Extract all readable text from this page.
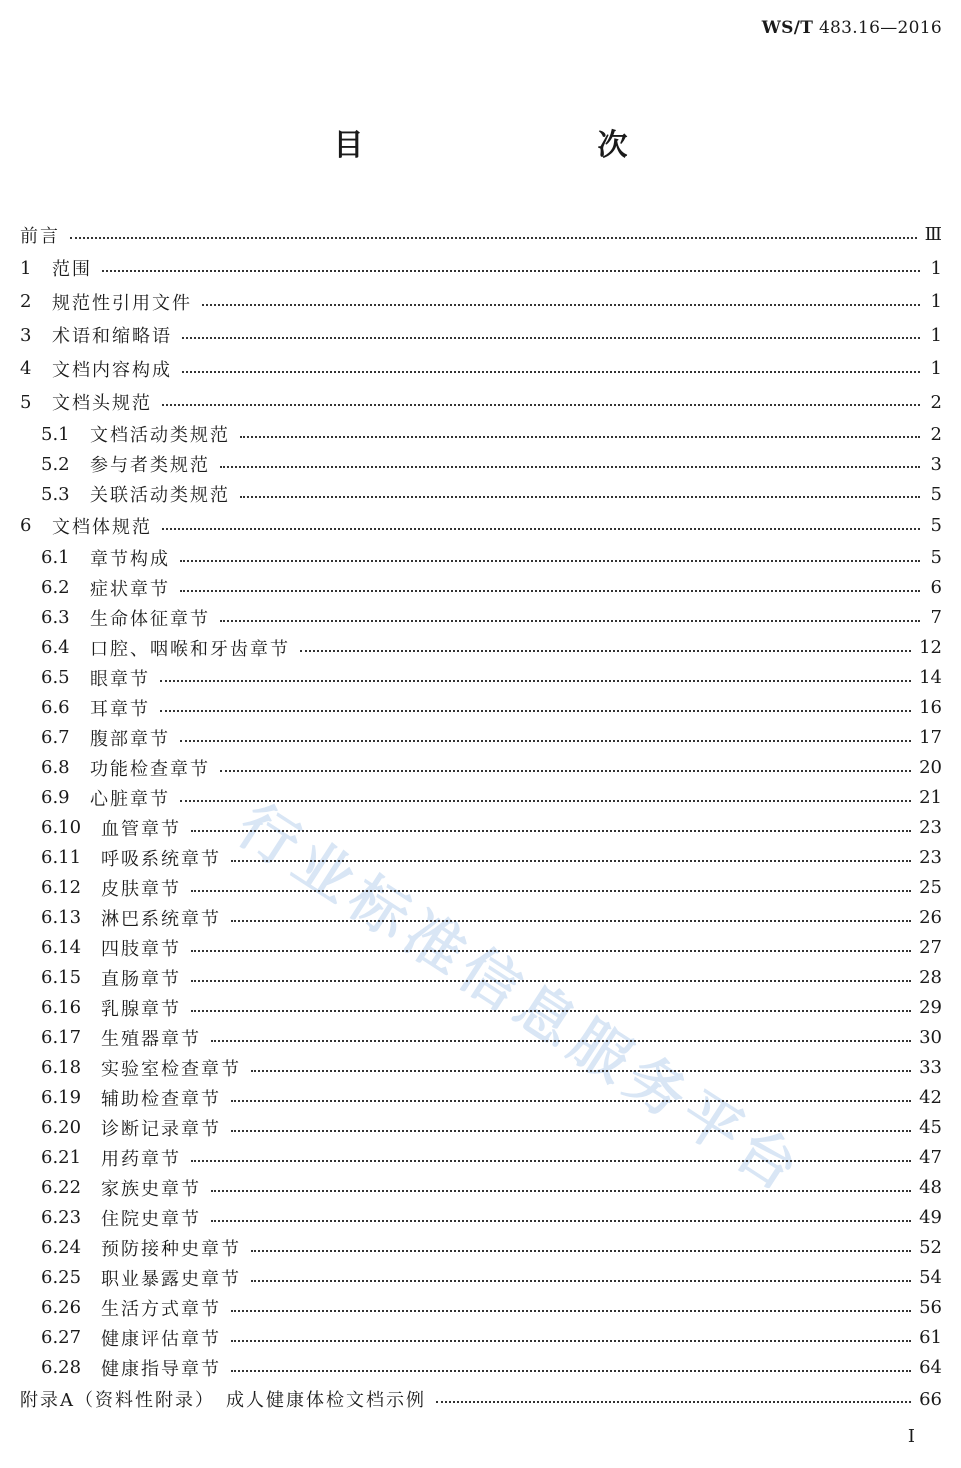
WS/T 483.16—2016
目　　次
行业标准信息服务平台
前言	Ⅲ
1	范围	1
2	规范性引用文件	1
3	术语和缩略语	1
4	文档内容构成	1
5	文档头规范	2
5.1	文档活动类规范	2
5.2	参与者类规范	3
5.3	关联活动类规范	5
6	文档体规范	5
6.1	章节构成	5
6.2	症状章节	6
6.3	生命体征章节	7
6.4	口腔、咽喉和牙齿章节	12
6.5	眼章节	14
6.6	耳章节	16
6.7	腹部章节	17
6.8	功能检查章节	20
6.9	心脏章节	21
6.10	血管章节	23
6.11	呼吸系统章节	23
6.12	皮肤章节	25
6.13	淋巴系统章节	26
6.14	四肢章节	27
6.15	直肠章节	28
6.16	乳腺章节	29
6.17	生殖器章节	30
6.18	实验室检查章节	33
6.19	辅助检查章节	42
6.20	诊断记录章节	45
6.21	用药章节	47
6.22	家族史章节	48
6.23	住院史章节	49
6.24	预防接种史章节	52
6.25	职业暴露史章节	54
6.26	生活方式章节	56
6.27	健康评估章节	61
6.28	健康指导章节	64
附录A（资料性附录）　成人健康体检文档示例	66
I
